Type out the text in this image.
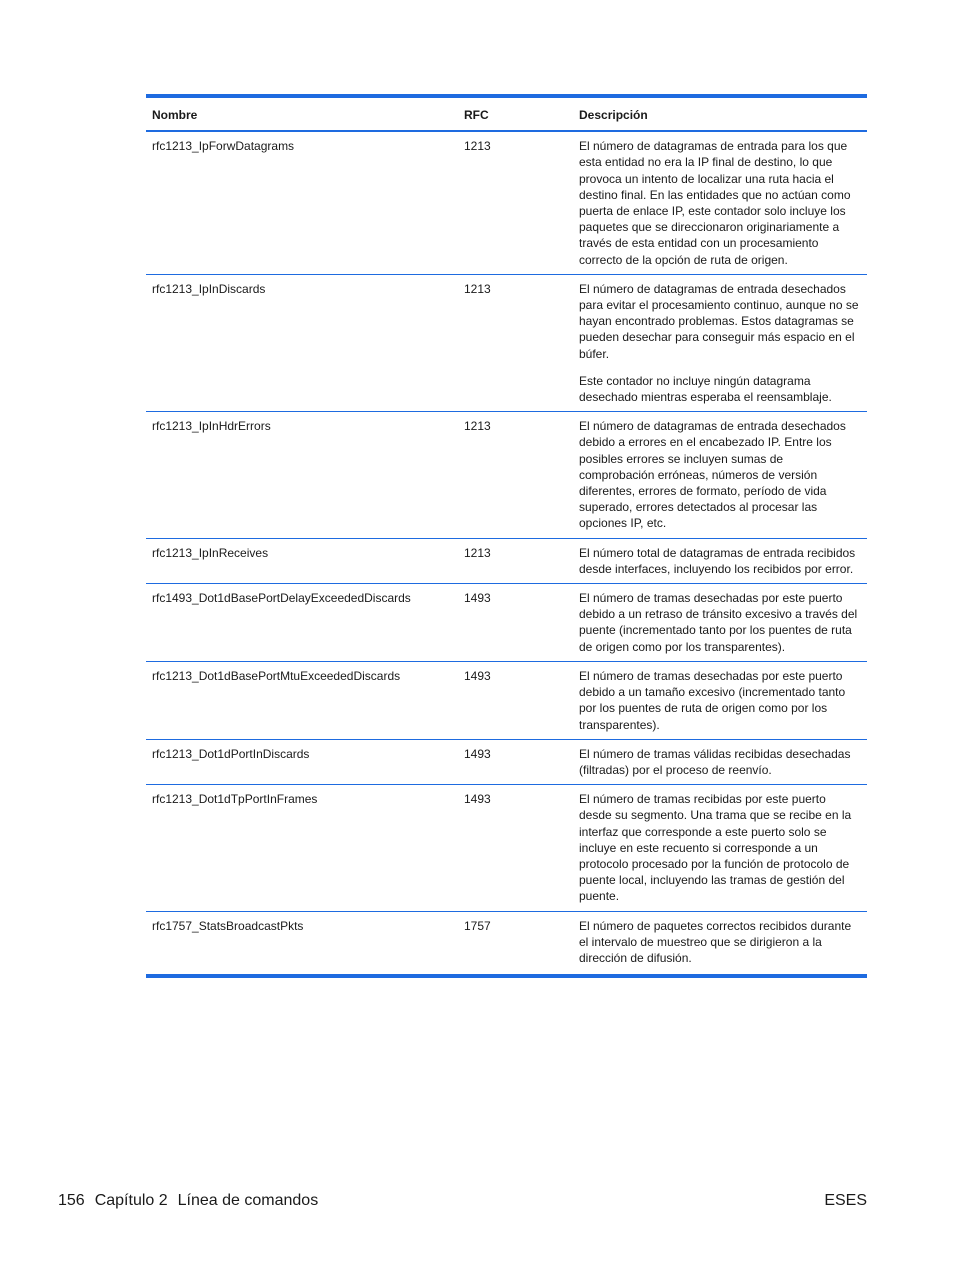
Nombre	RFC	Descripción
rfc1213_IpForwDatagrams	1213	El número de datagramas de entrada para los que esta entidad no era la IP final de destino, lo que provoca un intento de localizar una ruta hacia el destino final. En las entidades que no actúan como puerta de enlace IP, este contador solo incluye los paquetes que se direccionaron originariamente a través de esta entidad con un procesamiento correcto de la opción de ruta de origen.

rfc1213_IpInDiscards	1213	El número de datagramas de entrada desechados para evitar el procesamiento continuo, aunque no se hayan encontrado problemas. Estos datagramas se pueden desechar para conseguir más espacio en el búfer.

Este contador no incluye ningún datagrama desechado mientras esperaba el reensamblaje.

rfc1213_IpInHdrErrors	1213	El número de datagramas de entrada desechados debido a errores en el encabezado IP. Entre los posibles errores se incluyen sumas de comprobación erróneas, números de versión diferentes, errores de formato, período de vida superado, errores detectados al procesar las opciones IP, etc.

rfc1213_IpInReceives	1213	El número total de datagramas de entrada recibidos desde interfaces, incluyendo los recibidos por error.

rfc1493_Dot1dBasePortDelayExceededDiscards	1493	El número de tramas desechadas por este puerto debido a un retraso de tránsito excesivo a través del puente (incrementado tanto por los puentes de ruta de origen como por los transparentes).

rfc1213_Dot1dBasePortMtuExceededDiscards	1493	El número de tramas desechadas por este puerto debido a un tamaño excesivo (incrementado tanto por los puentes de ruta de origen como por los transparentes).

rfc1213_Dot1dPortInDiscards	1493	El número de tramas válidas recibidas desechadas (filtradas) por el proceso de reenvío.

rfc1213_Dot1dTpPortInFrames	1493	El número de tramas recibidas por este puerto desde su segmento. Una trama que se recibe en la interfaz que corresponde a este puerto solo se incluye en este recuento si corresponde a un protocolo procesado por la función de protocolo de puente local, incluyendo las tramas de gestión del puente.

rfc1757_StatsBroadcastPkts	1757	El número de paquetes correctos recibidos durante el intervalo de muestreo que se dirigieron a la dirección de difusión.

156 Capítulo 2 Línea de comandos	ESES
